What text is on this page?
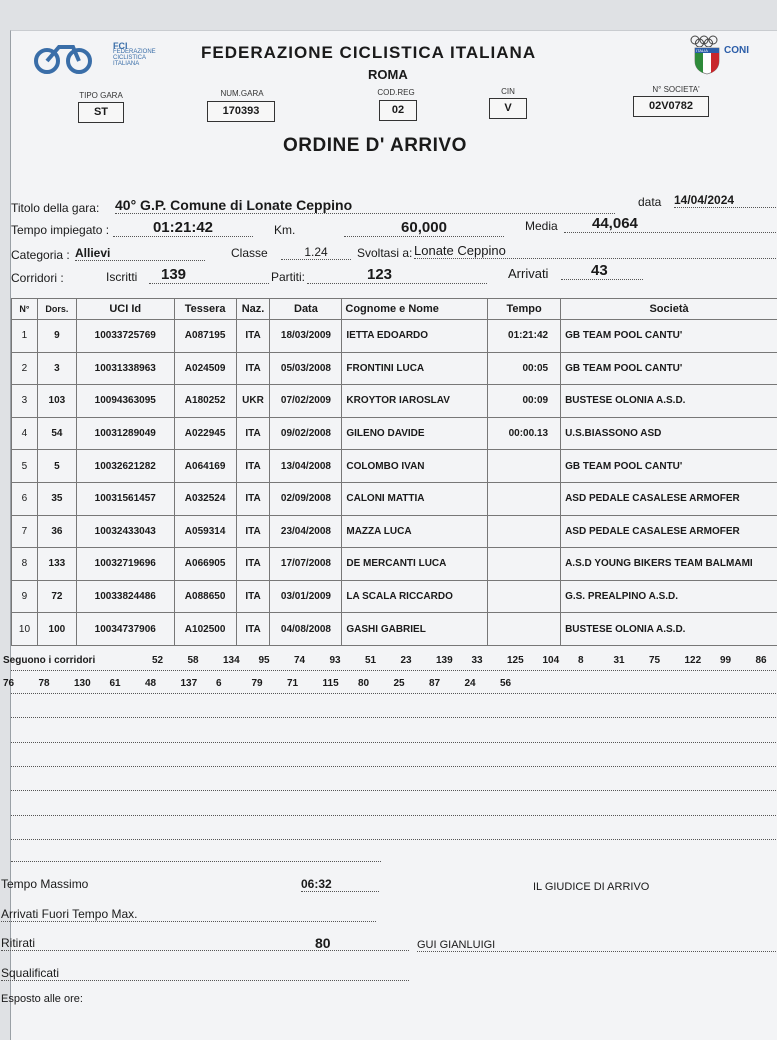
FCI
FEDERAZIONE
CICLISTICA
ITALIANA
FEDERAZIONE CICLISTICA ITALIANA
ROMA
ITALIA CONI
TIPO GARA
ST
NUM.GARA
170393
COD.REG
02
CIN
V
N° SOCIETA'
02V0782
ORDINE D' ARRIVO
Titolo della gara: 40° G.P. Comune di Lonate Ceppino	data 14/04/2024
Tempo impiegato :	01:21:42	Km.	60,000	Media	44,064
Categoria : Allievi	Classe	1.24	Svoltasi a: Lonate Ceppino
Corridori :	Iscritti	139	Partiti:	123	Arrivati	43
N°	Dors.	UCI Id	Tessera	Naz.	Data	Cognome e Nome	Tempo	Società
1	9	10033725769	A087195	ITA	18/03/2009	IETTA EDOARDO	01:21:42	GB TEAM POOL CANTU'
2	3	10031338963	A024509	ITA	05/03/2008	FRONTINI LUCA	00:05	GB TEAM POOL CANTU'
3	103	10094363095	A180252	UKR	07/02/2009	KROYTOR IAROSLAV	00:09	BUSTESE OLONIA A.S.D.
4	54	10031289049	A022945	ITA	09/02/2008	GILENO DAVIDE	00:00.13	U.S.BIASSONO ASD
5	5	10032621282	A064169	ITA	13/04/2008	COLOMBO IVAN		GB TEAM POOL CANTU'
6	35	10031561457	A032524	ITA	02/09/2008	CALONI MATTIA		ASD PEDALE CASALESE ARMOFER
7	36	10032433043	A059314	ITA	23/04/2008	MAZZA LUCA		ASD PEDALE CASALESE ARMOFER
8	133	10032719696	A066905	ITA	17/07/2008	DE MERCANTI LUCA		A.S.D YOUNG BIKERS TEAM BALMAMI
9	72	10033824486	A088650	ITA	03/01/2009	LA SCALA RICCARDO		G.S. PREALPINO A.S.D.
10	100	10034737906	A102500	ITA	04/08/2008	GASHI GABRIEL		BUSTESE OLONIA A.S.D.
Seguono i corridori	52 58 134 95 74 93 51 23 139 33 125 104 8	31 75 122 99 86
76 78 130 61 48 137 6	79 71 115 80 25 87 24 56
Tempo Massimo	06:32	IL GIUDICE DI ARRIVO
Arrivati Fuori Tempo Max.
Ritirati	80	GUI GIANLUIGI
Squalificati
Esposto alle ore:
